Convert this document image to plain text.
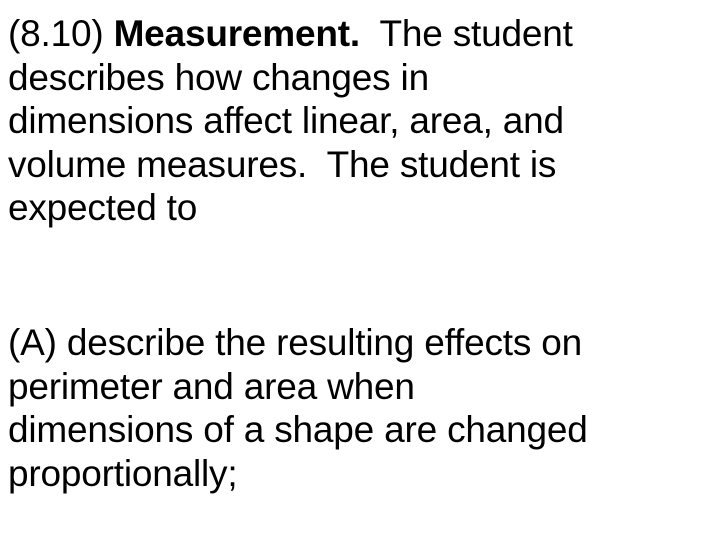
(8.10) Measurement. The student
describes how changes in
dimensions affect linear, area, and
volume measures.  The student is
expected to

(A) describe the resulting effects on
perimeter and area when
dimensions of a shape are changed
proportionally;
